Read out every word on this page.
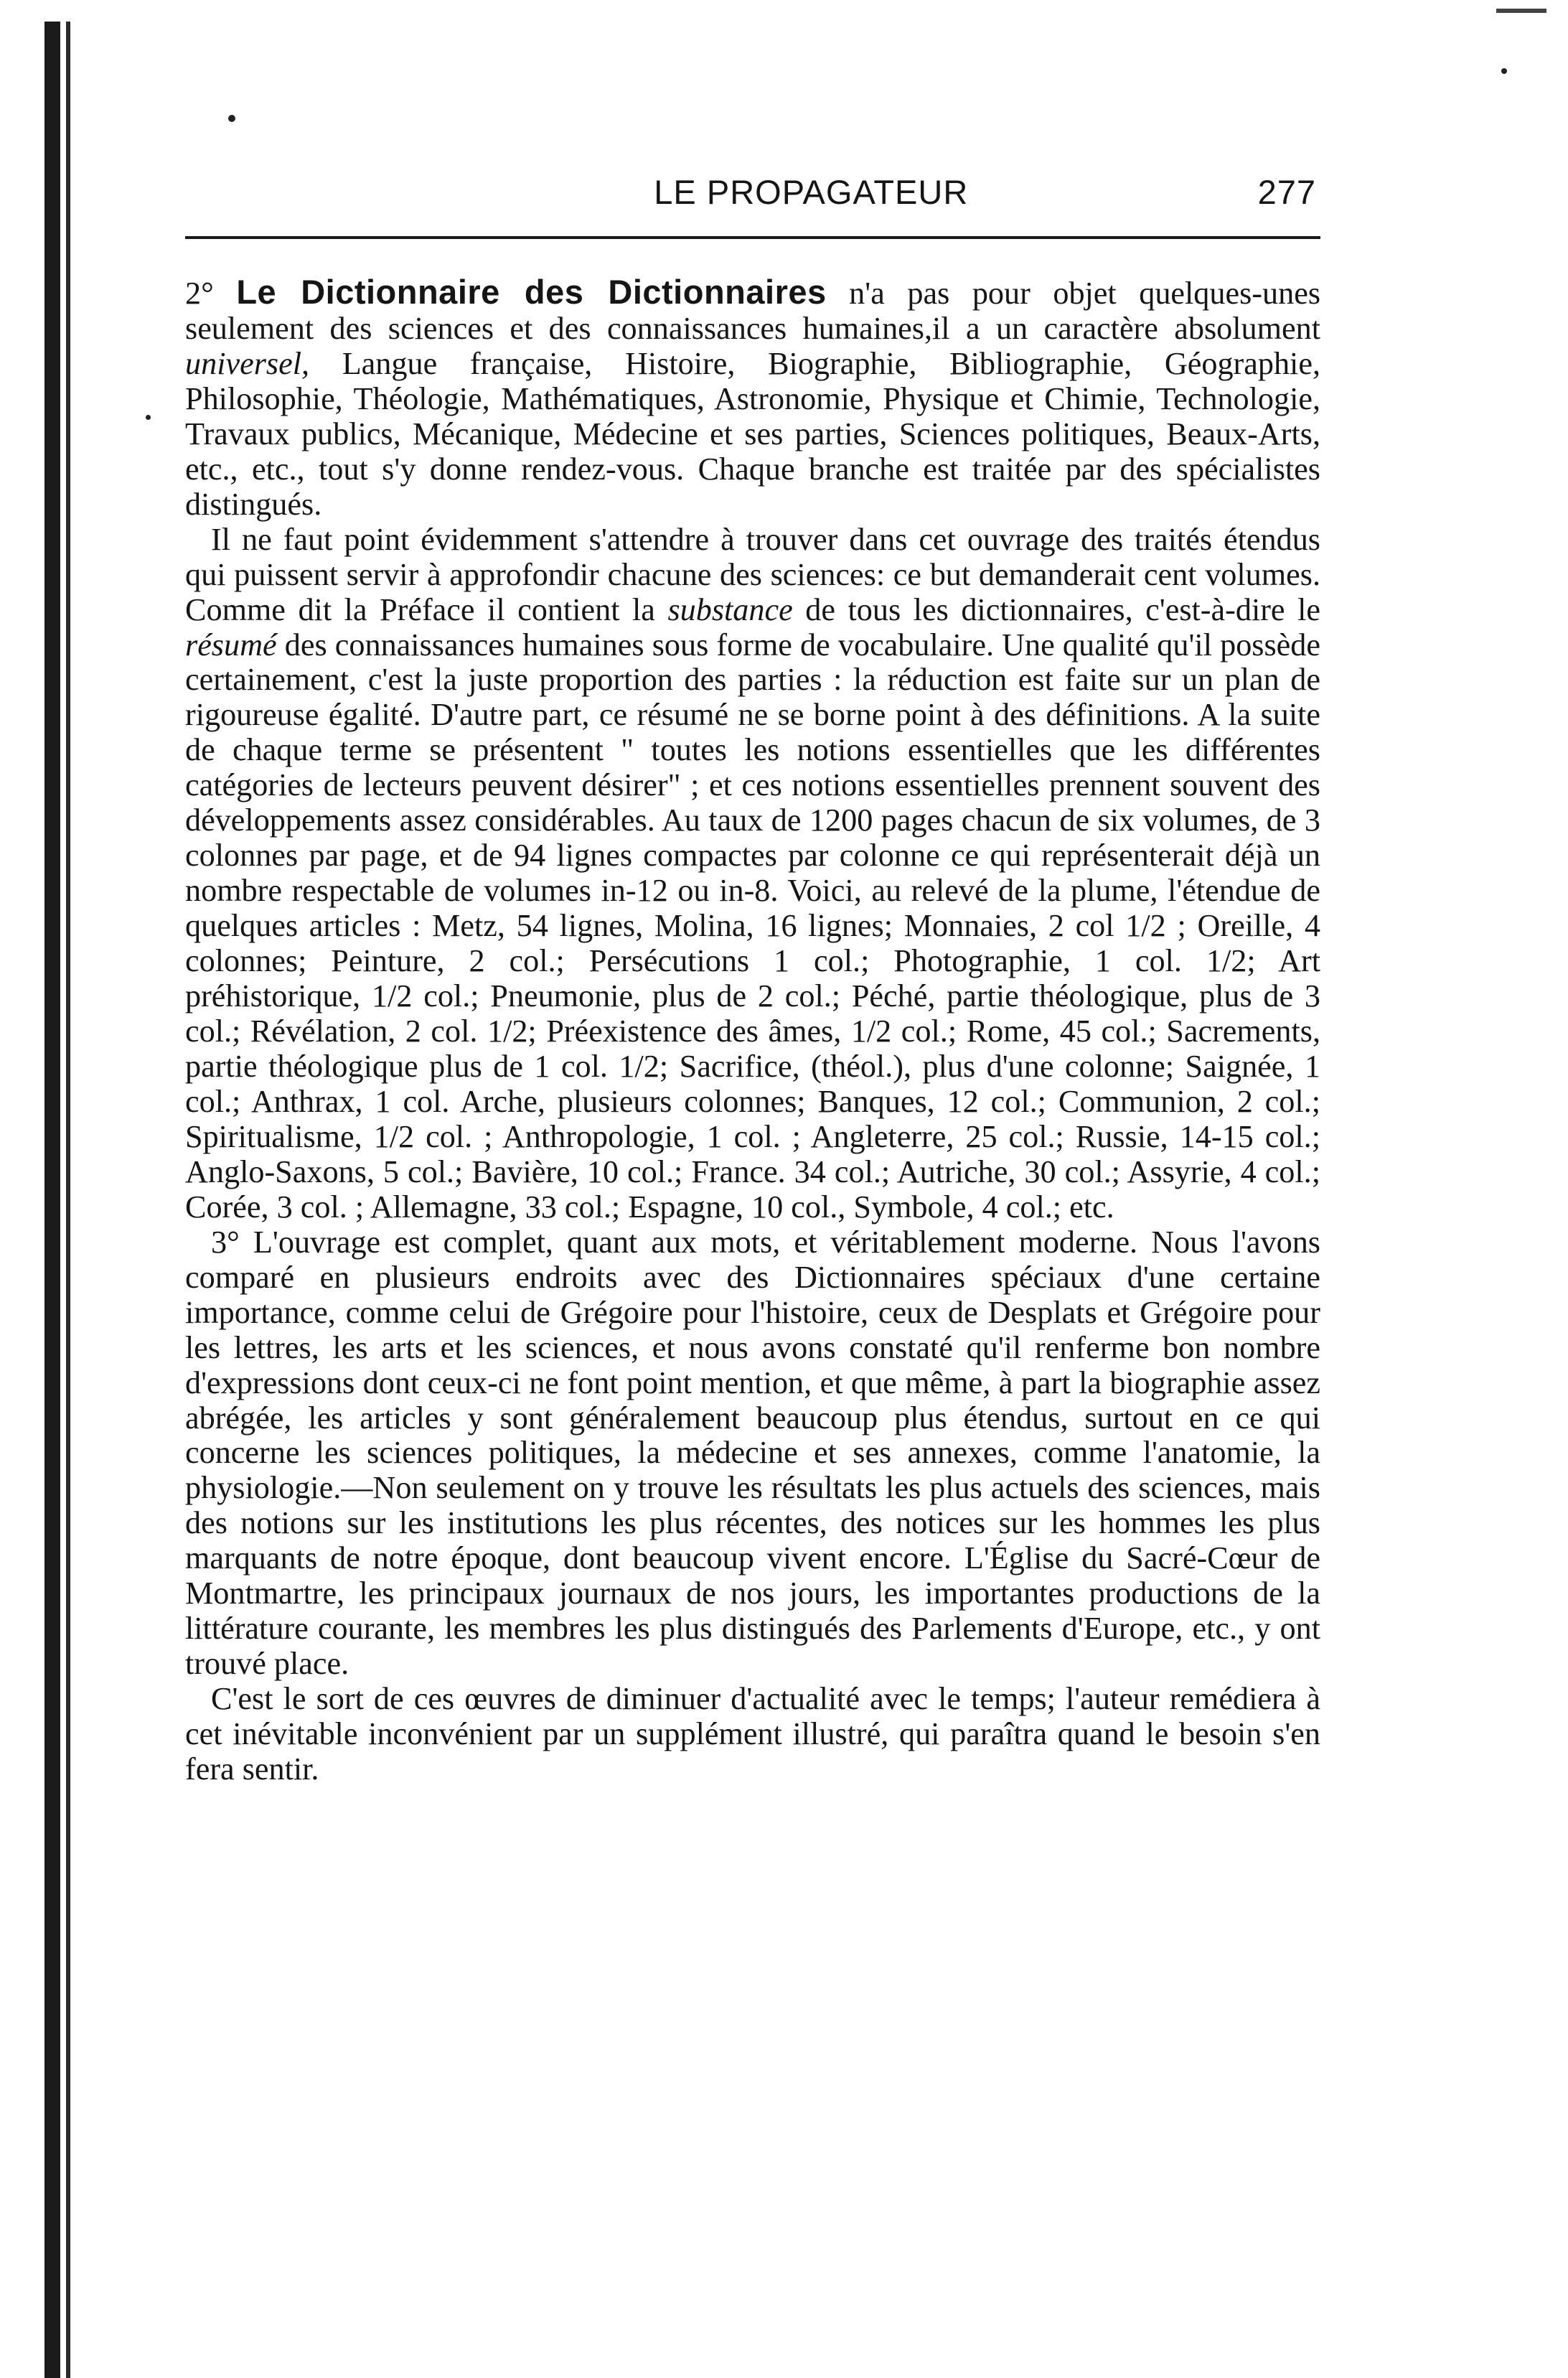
LE PROPAGATEUR	277

2° Le Dictionnaire des Dictionnaires n'a pas pour objet quelques-unes seulement des sciences et des connaissances humaines,il a un caractère absolument universel, Langue française, Histoire, Biographie, Bibliographie, Géographie, Philosophie, Théologie, Mathématiques, Astronomie, Physique et Chimie, Technologie, Travaux publics, Mécanique, Médecine et ses parties, Sciences politiques, Beaux-Arts, etc., etc., tout s'y donne rendez-vous. Chaque branche est traitée par des spécialistes distingués.

Il ne faut point évidemment s'attendre à trouver dans cet ouvrage des traités étendus qui puissent servir à approfondir chacune des sciences: ce but demanderait cent volumes. Comme dit la Préface il contient la substance de tous les dictionnaires, c'est-à-dire le résumé des connaissances humaines sous forme de vocabulaire. Une qualité qu'il possède certainement, c'est la juste proportion des parties : la réduction est faite sur un plan de rigoureuse égalité. D'autre part, ce résumé ne se borne point à des définitions. A la suite de chaque terme se présentent " toutes les notions essentielles que les différentes catégories de lecteurs peuvent désirer" ; et ces notions essentielles prennent souvent des développements assez considérables. Au taux de 1200 pages chacun de six volumes, de 3 colonnes par page, et de 94 lignes compactes par colonne ce qui représenterait déjà un nombre respectable de volumes in-12 ou in-8. Voici, au relevé de la plume, l'étendue de quelques articles : Metz, 54 lignes, Molina, 16 lignes; Monnaies, 2 col 1/2 ; Oreille, 4 colonnes; Peinture, 2 col.; Persécutions 1 col.; Photographie, 1 col. 1/2; Art préhistorique, 1/2 col.; Pneumonie, plus de 2 col.; Péché, partie théologique, plus de 3 col.; Révélation, 2 col. 1/2; Préexistence des âmes, 1/2 col.; Rome, 45 col.; Sacrements, partie théologique plus de 1 col. 1/2; Sacrifice, (théol.), plus d'une colonne; Saignée, 1 col.; Anthrax, 1 col. Arche, plusieurs colonnes; Banques, 12 col.; Communion, 2 col.; Spiritualisme, 1/2 col. ; Anthropologie, 1 col. ; Angleterre, 25 col.; Russie, 14-15 col.; Anglo-Saxons, 5 col.; Bavière, 10 col.; France. 34 col.; Autriche, 30 col.; Assyrie, 4 col.; Corée, 3 col. ; Allemagne, 33 col.; Espagne, 10 col., Symbole, 4 col.; etc.

3° L'ouvrage est complet, quant aux mots, et véritablement moderne. Nous l'avons comparé en plusieurs endroits avec des Dictionnaires spéciaux d'une certaine importance, comme celui de Grégoire pour l'histoire, ceux de Desplats et Grégoire pour les lettres, les arts et les sciences, et nous avons constaté qu'il renferme bon nombre d'expressions dont ceux-ci ne font point mention, et que même, à part la biographie assez abrégée, les articles y sont généralement beaucoup plus étendus, surtout en ce qui concerne les sciences politiques, la médecine et ses annexes, comme l'anatomie, la physiologie.—Non seulement on y trouve les résultats les plus actuels des sciences, mais des notions sur les institutions les plus récentes, des notices sur les hommes les plus marquants de notre époque, dont beaucoup vivent encore. L'Église du Sacré-Cœur de Montmartre, les principaux journaux de nos jours, les importantes productions de la littérature courante, les membres les plus distingués des Parlements d'Europe, etc., y ont trouvé place.

C'est le sort de ces œuvres de diminuer d'actualité avec le temps; l'auteur remédiera à cet inévitable inconvénient par un supplément illustré, qui paraîtra quand le besoin s'en fera sentir.
